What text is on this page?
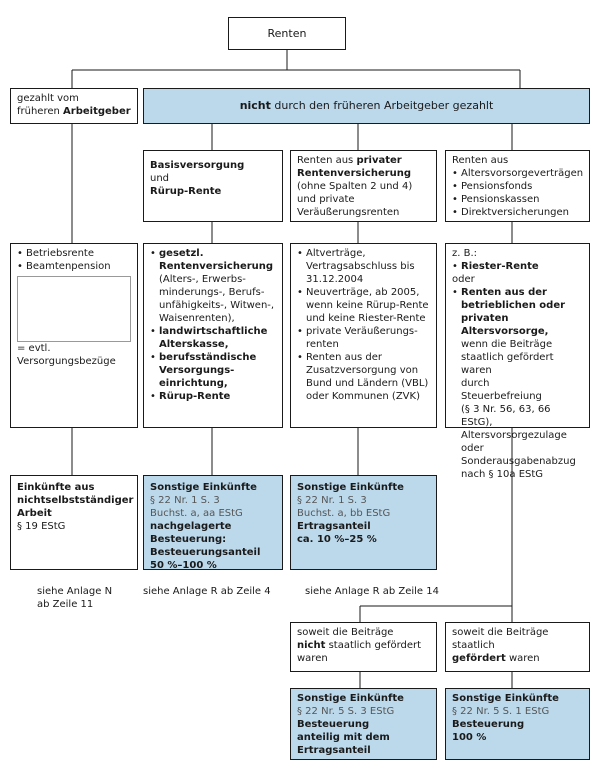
Renten
gezahlt vom
früheren Arbeitgeber	nicht durch den früheren Arbeitgeber gezahlt
Basisversorgung
und
Rürup-Rente
Renten aus privater
Rentenversicherung
(ohne Spalten 2 und 4)
und private
Veräußerungsrenten
Renten aus
• Altersvorsorgeverträgen
• Pensionsfonds
• Pensionskassen
• Direktversicherungen
• Betriebsrente
• Beamtenpension
= evtl.
Versorgungsbezüge
• gesetzl.
Rentenversicherung
(Alters-, Erwerbs-
minderungs-, Berufs-
unfähigkeits-, Witwen-,
Waisenrenten),
• landwirtschaftliche
Alterskasse,
• berufsständische
Versorgungs-
einrichtung,
• Rürup-Rente
• Altverträge,
Vertragsabschluss bis
31.12.2004
• Neuverträge, ab 2005,
wenn keine Rürup-Rente
und keine Riester-Rente
• private Veräußerungs-
renten
• Renten aus der
Zusatzversorgung von
Bund und Ländern (VBL)
oder Kommunen (ZVK)
z. B.:
• Riester-Rente
oder
• Renten aus der
betrieblichen oder
privaten Altersvorsorge,
wenn die Beiträge
staatlich gefördert waren
durch
Steuerbefreiung
(§ 3 Nr. 56, 63, 66 EStG),
Altersvorsorgezulage oder
Sonderausgabenabzug
nach § 10a EStG
Einkünfte aus
nichtselbstständiger
Arbeit
§ 19 EStG
Sonstige Einkünfte
§ 22 Nr. 1 S. 3
Buchst. a, aa EStG
nachgelagerte
Besteuerung:
Besteuerungsanteil
50 %–100 %
Sonstige Einkünfte
§ 22 Nr. 1 S. 3
Buchst. a, bb EStG
Ertragsanteil
ca. 10 %–25 %
siehe Anlage N
ab Zeile 11
siehe Anlage R ab Zeile 4	siehe Anlage R ab Zeile 14
soweit die Beiträge
nicht staatlich gefördert
waren
soweit die Beiträge staatlich
gefördert waren
Sonstige Einkünfte
§ 22 Nr. 5 S. 3 EStG
Besteuerung
anteilig mit dem
Ertragsanteil
Sonstige Einkünfte
§ 22 Nr. 5 S. 1 EStG
Besteuerung
100 %
